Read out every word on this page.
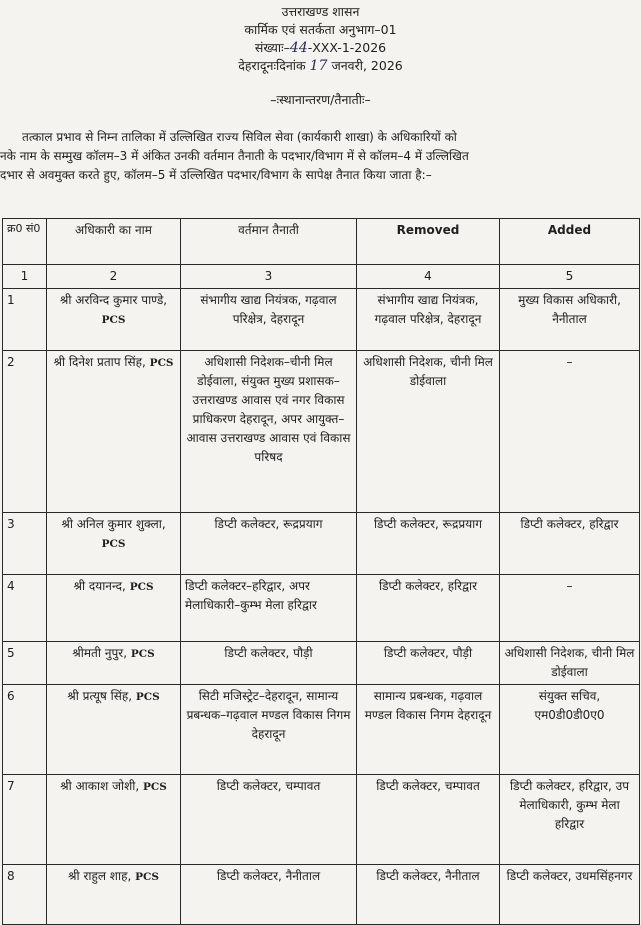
उत्तराखण्ड शासन
कार्मिक एवं सतर्कता अनुभाग–01
संख्याः–44-XXX-1-2026
देहरादूनःदिनांक 17 जनवरी, 2026
–ःस्थानान्तरण/तैनातीः–
तत्काल प्रभाव से निम्न तालिका में उल्लिखित राज्य सिविल सेवा (कार्यकारी शाखा) के अधिकारियों को
नके नाम के सम्मुख कॉलम–3 में अंकित उनकी वर्तमान तैनाती के पदभार/विभाग में से कॉलम–4 में उल्लिखित
दभार से अवमुक्त करते हुए, कॉलम–5 में उल्लिखित पदभार/विभाग के सापेक्ष तैनात किया जाता है:–
क्र0 सं0	अधिकारी का नाम	वर्तमान तैनाती	Removed	Added
1	2	3	4	5
1	श्री अरविन्द कुमार पाण्डे, PCS	संभागीय खाद्य नियंत्रक, गढ़वाल परिक्षेत्र, देहरादून	संभागीय खाद्य नियंत्रक, गढ़वाल परिक्षेत्र, देहरादून	मुख्य विकास अधिकारी, नैनीताल
2	श्री दिनेश प्रताप सिंह, PCS	अधिशासी निदेशक–चीनी मिल डोईवाला, संयुक्त मुख्य प्रशासक–उत्तराखण्ड आवास एवं नगर विकास प्राधिकरण देहरादून, अपर आयुक्त–आवास उत्तराखण्ड आवास एवं विकास परिषद	अधिशासी निदेशक, चीनी मिल डोईवाला	–
3	श्री अनिल कुमार शुक्ला, PCS	डिप्टी कलेक्टर, रूद्रप्रयाग	डिप्टी कलेक्टर, रूद्रप्रयाग	डिप्टी कलेक्टर, हरिद्वार
4	श्री दयानन्द, PCS	डिप्टी कलेक्टर–हरिद्वार, अपर मेलाधिकारी–कुम्भ मेला हरिद्वार	डिप्टी कलेक्टर, हरिद्वार	–
5	श्रीमती नुपुर, PCS	डिप्टी कलेक्टर, पौड़ी	डिप्टी कलेक्टर, पौड़ी	अधिशासी निदेशक, चीनी मिल डोईवाला
6	श्री प्रत्यूष सिंह, PCS	सिटी मजिस्ट्रेट–देहरादून, सामान्य प्रबन्धक–गढ़वाल मण्डल विकास निगम देहरादून	सामान्य प्रबन्धक, गढ़वाल मण्डल विकास निगम देहरादून	संयुक्त सचिव, एम0डी0डी0ए0
7	श्री आकाश जोशी, PCS	डिप्टी कलेक्टर, चम्पावत	डिप्टी कलेक्टर, चम्पावत	डिप्टी कलेक्टर, हरिद्वार, उप मेलाधिकारी, कुम्भ मेला हरिद्वार
8	श्री राहुल शाह, PCS	डिप्टी कलेक्टर, नैनीताल	डिप्टी कलेक्टर, नैनीताल	डिप्टी कलेक्टर, उधमसिंहनगर
